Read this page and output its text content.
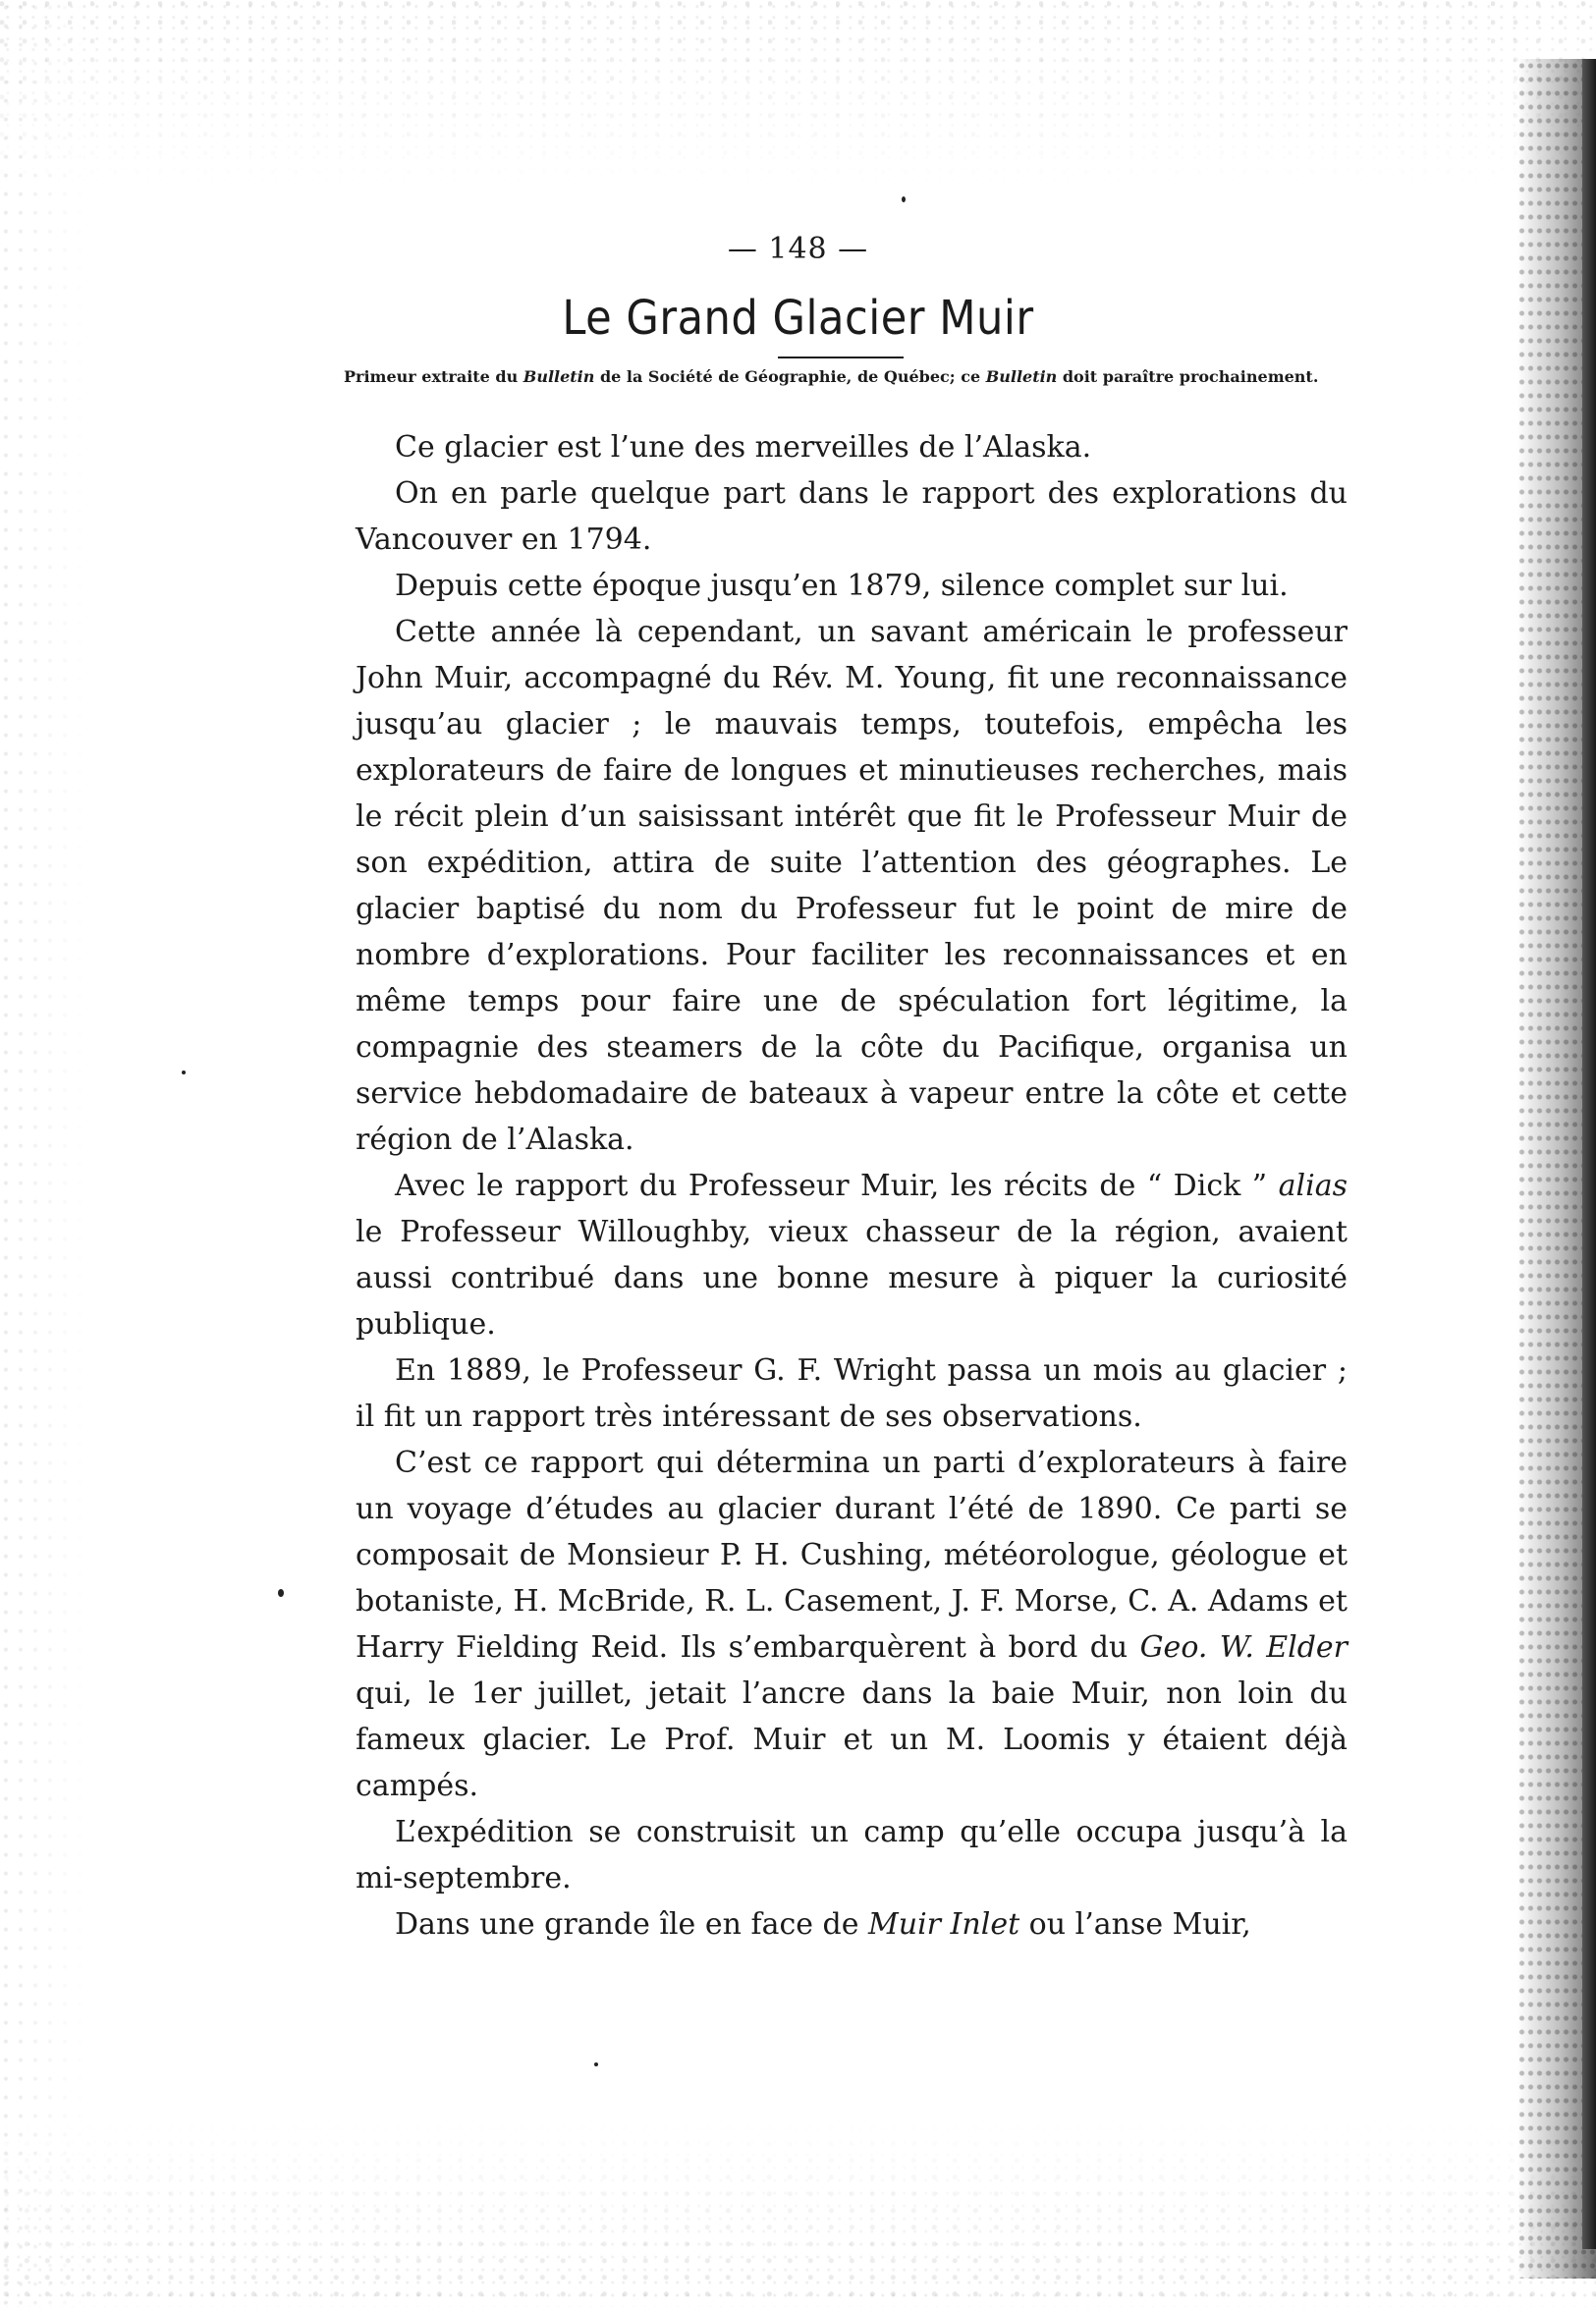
— 148 —
Le Grand Glacier Muir
Primeur extraite du Bulletin de la Société de Géographie, de Québec; ce Bulletin doit paraître prochainement.

Ce glacier est l’une des merveilles de l’Alaska.

On en parle quelque part dans le rapport des explorations du Vancouver en 1794.

Depuis cette époque jusqu’en 1879, silence complet sur lui.

Cette année là cependant, un savant américain le professeur John Muir, accompagné du Rév. M. Young, fit une reconnaissance jusqu’au glacier ; le mauvais temps, toutefois, empêcha les explorateurs de faire de longues et minutieuses recherches, mais le récit plein d’un saisissant intérêt que fit le Professeur Muir de son expédition, attira de suite l’attention des géographes. Le glacier baptisé du nom du Professeur fut le point de mire de nombre d’explorations. Pour faciliter les reconnaissances et en même temps pour faire une de spéculation fort légitime, la compagnie des steamers de la côte du Pacifique, organisa un service hebdomadaire de bateaux à vapeur entre la côte et cette région de l’Alaska.

Avec le rapport du Professeur Muir, les récits de “ Dick ” alias le Professeur Willoughby, vieux chasseur de la région, avaient aussi contribué dans une bonne mesure à piquer la curiosité publique.

En 1889, le Professeur G. F. Wright passa un mois au glacier ; il fit un rapport très intéressant de ses observations.

C’est ce rapport qui détermina un parti d’explorateurs à faire un voyage d’études au glacier durant l’été de 1890. Ce parti se composait de Monsieur P. H. Cushing, météorologue, géologue et botaniste, H. McBride, R. L. Casement, J. F. Morse, C. A. Adams et Harry Fielding Reid. Ils s’embarquèrent à bord du Geo. W. Elder qui, le 1er juillet, jetait l’ancre dans la baie Muir, non loin du fameux glacier. Le Prof. Muir et un M. Loomis y étaient déjà campés.

L’expédition se construisit un camp qu’elle occupa jusqu’à la mi-septembre.

Dans une grande île en face de Muir Inlet ou l’anse Muir,
